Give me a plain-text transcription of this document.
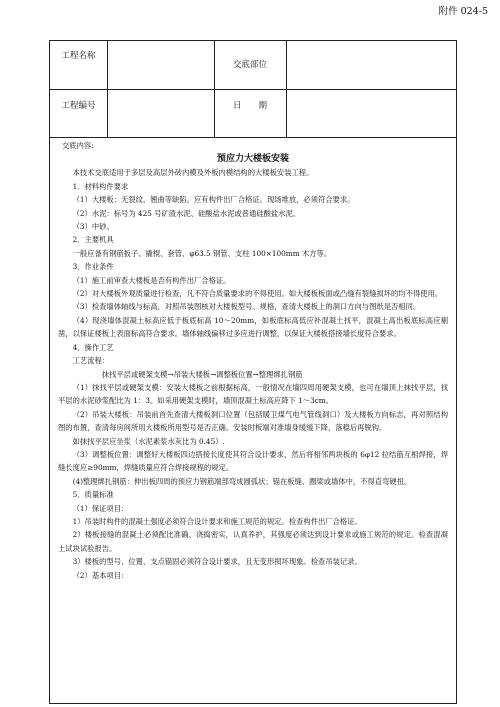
附件 024-5
工程名称
交底部位
工程编号	日　　期

交底内容:

预应力大楼板安装

本技术交底适用于多层及高层外砖内模及外板内模结构的大楼板安装工程。

1．材料构件要求

（1）大楼板：无裂纹、翘曲等缺陷。应有构件出厂合格证。现场堆放，必须符合要求。

（2）水泥：标号为 425 号矿渣水泥、硅酸盐水泥或普通硅酸盐水泥。

（3）中砂。

2．主要机具

一般应备有钢筋扳子、撬棍、套管、φ63.5 钢管、支柱 100×100mm 木方等。

3．作业条件

（1）施工前审查大楼板是否有构件出厂合格证。

（2）对大楼板外观质量进行检查，凡不符合质量要求的不得使用。如大楼板板面或凸缝有裂缝损坏的均不得使用。

（3）检查墙体轴线与标高，对照吊装图核对大楼板型号、规格，查清大楼板上的洞口方向与图纸是否相同。

（4）现浇墙体混凝土标高应低于板底标高 10～20mm，如板底标高低应补混凝土找平，混凝土高出板底标高应剔凿，以保证楼板上表面标高符合要求。墙体轴线偏移过多应进行调整，以保证大楼板搭接墙长度符合要求。

4．操作工艺

工艺流程：

抹找平层或硬架支模→吊装大楼板→调整板位置→整理绑扎钢筋

（1）抹找平层或硬架支模：安装大楼板之前根据标高，一般情况在墙四周用硬架支模，也可在墙顶上抹找平层，找平层的水泥砂浆配比为 1：3。如采用硬架支模时，墙顶混凝土标高应降下 1～3cm。

（2）吊装大楼板：吊装前首先查清大楼板洞口位置（包括暖卫煤气电气管线洞口）及大楼板方向标志，再对照结构图的布置，查清每房间所用大楼板所用型号是否正确。安装时板端对准墙身缓缓下降，落稳后再脱钩。

如抹找平层应坐浆（水泥素浆水灰比为 0.45）.

（3）调整板位置：调整好大楼板四边搭接长度使其符合设计要求，然后将相邻两块板的 6φ12 拉结筋互相焊接，焊缝长度应≥90mm，焊缝质量应符合焊接规程的规定。

(4)整理绑扎钢筋：伸出板四周的预应力钢筋端部弯成圆弧状；锚在板缝、圈梁或墙体中，不得直弯硬扭。

5．质量标准

（1）保证项目：

1）吊装时构件的混凝土强度必须符合设计要求和施工规范的规定。检查构件出厂合格证。

2）楼板接缝的混凝土必须配比准确、浇捣密实，认真养护，其强度必须达到设计要求或施工规范的规定。检查混凝土试块试验报告。

3）楼板的型号、位置、支点锚固必须符合设计要求，且无变形损坏现象。检查吊装记录。

（2）基本项目：
